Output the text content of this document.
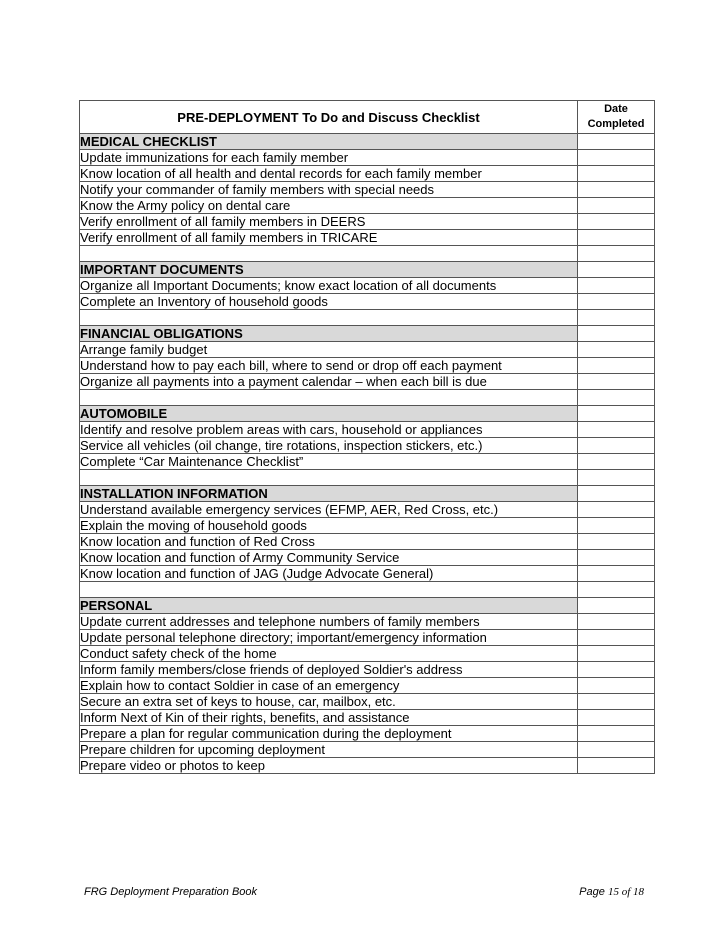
PRE-DEPLOYMENT To Do and Discuss Checklist	Date
Completed
MEDICAL CHECKLIST	
Update immunizations for each family member	
Know location of all health and dental records for each family member	
Notify your commander of family members with special needs	
Know the Army policy on dental care	
Verify enrollment of all family members in DEERS	
Verify enrollment of all family members in TRICARE	

IMPORTANT DOCUMENTS	
Organize all Important Documents; know exact location of all documents	
Complete an Inventory of household goods	

FINANCIAL OBLIGATIONS	
Arrange family budget	
Understand how to pay each bill, where to send or drop off each payment	
Organize all payments into a payment calendar – when each bill is due	

AUTOMOBILE	
Identify and resolve problem areas with cars, household or appliances	
Service all vehicles (oil change, tire rotations, inspection stickers, etc.)	
Complete “Car Maintenance Checklist”	

INSTALLATION INFORMATION	
Understand available emergency services (EFMP, AER, Red Cross, etc.)	
Explain the moving of household goods	
Know location and function of Red Cross	
Know location and function of Army Community Service	
Know location and function of JAG (Judge Advocate General)	

PERSONAL	
Update current addresses and telephone numbers of family members	
Update personal telephone directory; important/emergency information	
Conduct safety check of the home	
Inform family members/close friends of deployed Soldier's address	
Explain how to contact Soldier in case of an emergency	
Secure an extra set of keys to house, car, mailbox, etc.	
Inform Next of Kin of their rights, benefits, and assistance	
Prepare a plan for regular communication during the deployment	
Prepare children for upcoming deployment	
Prepare video or photos to keep	
FRG Deployment Preparation Book	Page 15 of 18
